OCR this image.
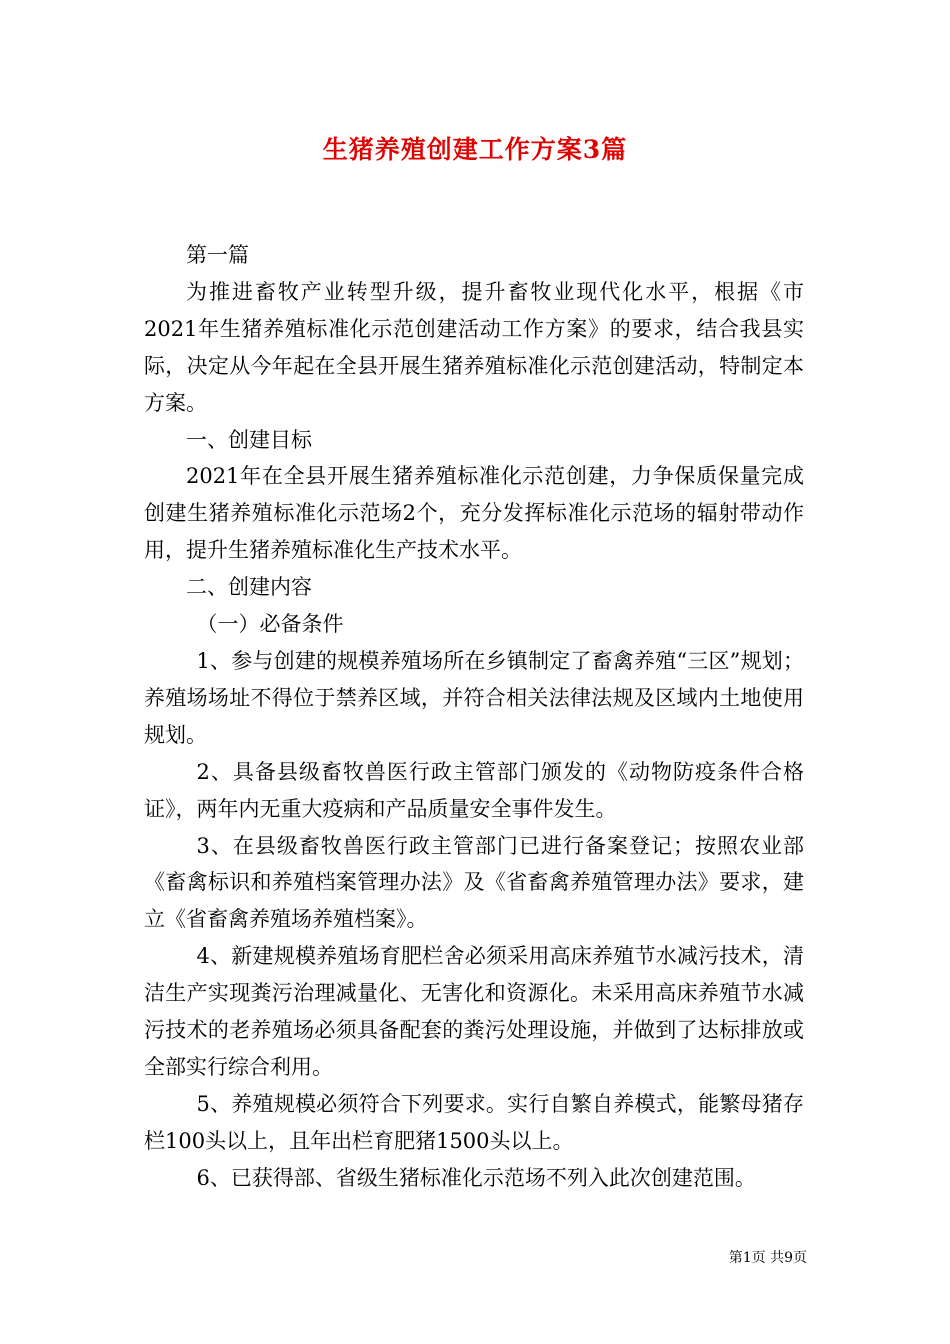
生猪养殖创建工作方案3篇

第一篇

为推进畜牧产业转型升级，提升畜牧业现代化水平，根据《市2021年生猪养殖标准化示范创建活动工作方案》的要求，结合我县实际，决定从今年起在全县开展生猪养殖标准化示范创建活动，特制定本方案。

一、创建目标

2021年在全县开展生猪养殖标准化示范创建，力争保质保量完成创建生猪养殖标准化示范场2个，充分发挥标准化示范场的辐射带动作用，提升生猪养殖标准化生产技术水平。

二、创建内容

（一）必备条件

1、参与创建的规模养殖场所在乡镇制定了畜禽养殖“三区”规划；养殖场场址不得位于禁养区域，并符合相关法律法规及区域内土地使用规划。

2、具备县级畜牧兽医行政主管部门颁发的《动物防疫条件合格证》，两年内无重大疫病和产品质量安全事件发生。

3、在县级畜牧兽医行政主管部门已进行备案登记；按照农业部《畜禽标识和养殖档案管理办法》及《省畜禽养殖管理办法》要求，建立《省畜禽养殖场养殖档案》。

4、新建规模养殖场育肥栏舍必须采用高床养殖节水减污技术，清洁生产实现粪污治理减量化、无害化和资源化。未采用高床养殖节水减污技术的老养殖场必须具备配套的粪污处理设施，并做到了达标排放或全部实行综合利用。

5、养殖规模必须符合下列要求。实行自繁自养模式，能繁母猪存栏100头以上，且年出栏育肥猪1500头以上。

6、已获得部、省级生猪标准化示范场不列入此次创建范围。

第1页 共9页
